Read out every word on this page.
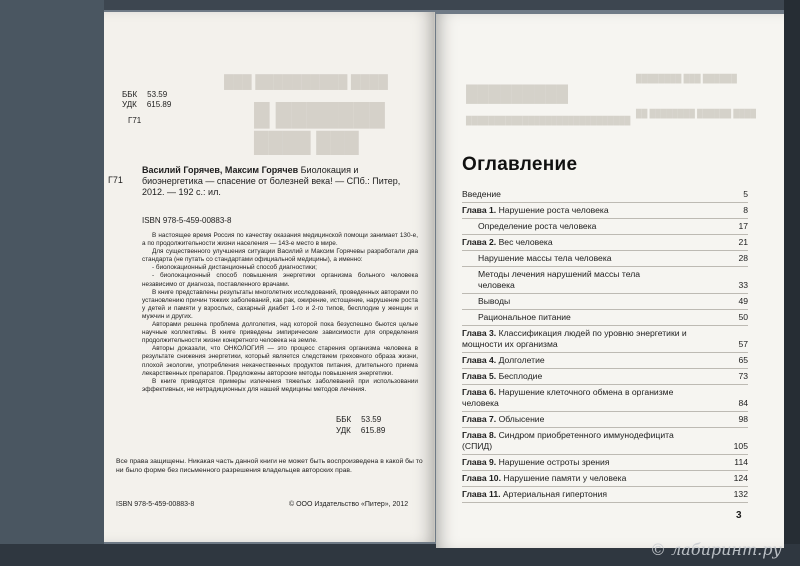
████ ██████████ ███
███████ █
███ ████
ББК 53.59
УДК 615.89
Г71
Г71
Василий Горячев, Максим Горячев Биолокация и биоэнергетика — спасение от болезней века! — СПб.: Питер, 2012. — 192 с.: ил.
ISBN 978-5-459-00883-8

В настоящее время Россия по качеству оказания медицинской помощи занимает 130-е, а по продолжительности жизни населения — 143-е место в мире.

Для существенного улучшения ситуации Василий и Максим Горячевы разработали два стандарта (не путать со стандартами официальной медицины), а именно:

- биолокационный дистанционный способ диагностики;

- биолокационный способ повышения энергетики организма больного человека независимо от диагноза, поставленного врачами.

В книге представлены результаты многолетних исследований, проведенных авторами по установлению причин тяжких заболеваний, как рак, ожирение, истощение, нарушение роста у детей и памяти у взрослых, сахарный диабет 1-го и 2-го типов, бесплодие у женщин и мужчин и других.

Авторами решена проблема долголетия, над которой пока безуспешно бьются целые научные коллективы. В книге приведены эмпирические зависимости для определения продолжительности жизни конкретного человека на земле.

Авторы доказали, что ОНКОЛОГИЯ — это процесс старения организма человека в результате снижения энергетики, который является следствием греховного образа жизни, плохой экологии, употребления некачественных продуктов питания, длительного приема лекарственных препаратов. Предложены авторские методы повышения энергетики.

В книге приводятся примеры излечения тяжелых заболеваний при использовании эффективных, не нетрадиционных для нашей медицины методов лечения.

ББК 53.59
УДК 615.89
Все права защищены. Никакая часть данной книги не может быть воспроизведена в какой бы то ни было форме без письменного разрешения владельцев авторских прав.
ISBN 978-5-459-00883-8	© ООО Издательство «Питер», 2012
█████████
██████ ███ ████████
████ ██████ ████████ ██
█████████████████████████████
Оглавление
Введение	5
Глава 1. Нарушение роста человека	8
Определение роста человека	17
Глава 2. Вес человека	21
Нарушение массы тела человека	28
Методы лечения нарушений массы тела человека	33
Выводы	49
Рациональное питание	50
Глава 3. Классификация людей по уровню энергетики и мощности их организма	57
Глава 4. Долголетие	65
Глава 5. Бесплодие	73
Глава 6. Нарушение клеточного обмена в организме человека	84
Глава 7. Облысение	98
Глава 8. Синдром приобретенного иммунодефицита (СПИД)	105
Глава 9. Нарушение остроты зрения	114
Глава 10. Нарушение памяти у человека	124
Глава 11. Артериальная гипертония	132
3
© лабиринт.ру
